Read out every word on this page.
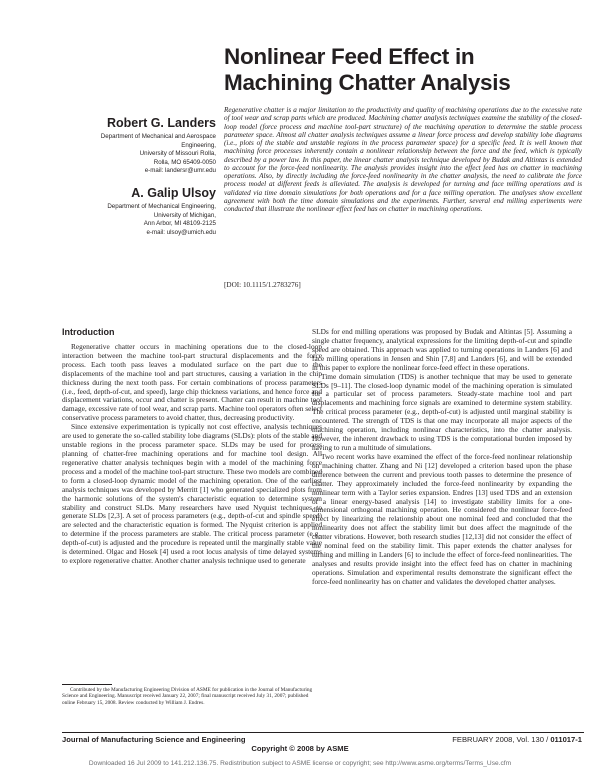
Nonlinear Feed Effect in
Machining Chatter Analysis
Robert G. Landers
Department of Mechanical and Aerospace
Engineering,
University of Missouri Rolla,
Rolla, MO 65409-0050
e-mail: landersr@umr.edu
A. Galip Ulsoy
Department of Mechanical Engineering,
University of Michigan,
Ann Arbor, MI 48109-2125
e-mail: ulsoy@umich.edu
Regenerative chatter is a major limitation to the productivity and quality of machining operations due to the excessive rate of tool wear and scrap parts which are produced. Machining chatter analysis techniques examine the stability of the closed-loop model (force process and machine tool-part structure) of the machining operation to determine the stable process parameter space. Almost all chatter analysis techniques assume a linear force process and develop stability lobe diagrams (i.e., plots of the stable and unstable regions in the process parameter space) for a specific feed. It is well known that machining force processes inherently contain a nonlinear relationship between the force and the feed, which is typically described by a power law. In this paper, the linear chatter analysis technique developed by Budak and Altintas is extended to account for the force-feed nonlinearity. The analysis provides insight into the effect feed has on chatter in machining operations. Also, by directly including the force-feed nonlinearity in the chatter analysis, the need to calibrate the force process model at different feeds is alleviated. The analysis is developed for turning and face milling operations and is validated via time domain simulations for both operations and for a face milling operation. The analyses show excellent agreement with both the time domain simulations and the experiments. Further, several end milling experiments were conducted that illustrate the nonlinear effect feed has on chatter in machining operations.
[DOI: 10.1115/1.2783276]
Introduction

Regenerative chatter occurs in machining operations due to the closed-loop interaction between the machine tool-part structural displacements and the force process. Each tooth pass leaves a modulated surface on the part due to the displacements of the machine tool and part structures, causing a variation in the chip thickness during the next tooth pass. For certain combinations of process parameters (i.e., feed, depth-of-cut, and speed), large chip thickness variations, and hence force and displacement variations, occur and chatter is present. Chatter can result in machine tool damage, excessive rate of tool wear, and scrap parts. Machine tool operators often select conservative process parameters to avoid chatter, thus, decreasing productivity.

Since extensive experimentation is typically not cost effective, analysis techniques are used to generate the so-called stability lobe diagrams (SLDs): plots of the stable and unstable regions in the process parameter space. SLDs may be used for process planning of chatter-free machining operations and for machine tool design. All regenerative chatter analysis techniques begin with a model of the machining force process and a model of the machine tool-part structure. These two models are combined to form a closed-loop dynamic model of the machining operation. One of the earliest analysis techniques was developed by Merritt [1] who generated specialized plots from the harmonic solutions of the system's characteristic equation to determine system stability and construct SLDs. Many researchers have used Nyquist techniques to generate SLDs [2,3]. A set of process parameters (e.g., depth-of-cut and spindle speed) are selected and the characteristic equation is formed. The Nyquist criterion is applied to determine if the process parameters are stable. The critical process parameter (e.g., depth-of-cut) is adjusted and the procedure is repeated until the marginally stable value is determined. Olgac and Hosek [4] used a root locus analysis of time delayed systems to explore regenerative chatter. Another chatter analysis technique used to generate

SLDs for end milling operations was proposed by Budak and Altintas [5]. Assuming a single chatter frequency, analytical expressions for the limiting depth-of-cut and spindle speed are obtained. This approach was applied to turning operations in Landers [6] and face milling operations in Jensen and Shin [7,8] and Landers [6], and will be extended in this paper to explore the nonlinear force-feed effect in these operations.

Time domain simulation (TDS) is another technique that may be used to generate SLDs [9–11]. The closed-loop dynamic model of the machining operation is simulated for a particular set of process parameters. Steady-state machine tool and part displacements and machining force signals are examined to determine system stability. The critical process parameter (e.g., depth-of-cut) is adjusted until marginal stability is encountered. The strength of TDS is that one may incorporate all major aspects of the machining operation, including nonlinear characteristics, into the chatter analysis. However, the inherent drawback to using TDS is the computational burden imposed by having to run a multitude of simulations.

Two recent works have examined the effect of the force-feed nonlinear relationship on machining chatter. Zhang and Ni [12] developed a criterion based upon the phase difference between the current and previous tooth passes to determine the presence of chatter. They approximately included the force-feed nonlinearity by expanding the nonlinear term with a Taylor series expansion. Endres [13] used TDS and an extension of a linear energy-based analysis [14] to investigate stability limits for a one-dimensional orthogonal machining operation. He considered the nonlinear force-feed effect by linearizing the relationship about one nominal feed and concluded that the nonlinearity does not affect the stability limit but does affect the magnitude of the chatter vibrations. However, both research studies [12,13] did not consider the effect of the nominal feed on the stability limit. This paper extends the chatter analyses for turning and milling in Landers [6] to include the effect of force-feed nonlinearities. The analyses and results provide insight into the effect feed has on chatter in machining operations. Simulation and experimental results demonstrate the significant effect the force-feed nonlinearity has on chatter and validates the developed chatter analyses.

Contributed by the Manufacturing Engineering Division of ASME for publication in the Journal of Manufacturing Science and Engineering. Manuscript received January 22, 2007; final manuscript received July 31, 2007; published online February 15, 2008. Review conducted by William J. Endres.
Journal of Manufacturing Science and Engineering	FEBRUARY 2008, Vol. 130 / 011017-1
Copyright © 2008 by ASME
Downloaded 16 Jul 2009 to 141.212.136.75. Redistribution subject to ASME license or copyright; see http://www.asme.org/terms/Terms_Use.cfm
